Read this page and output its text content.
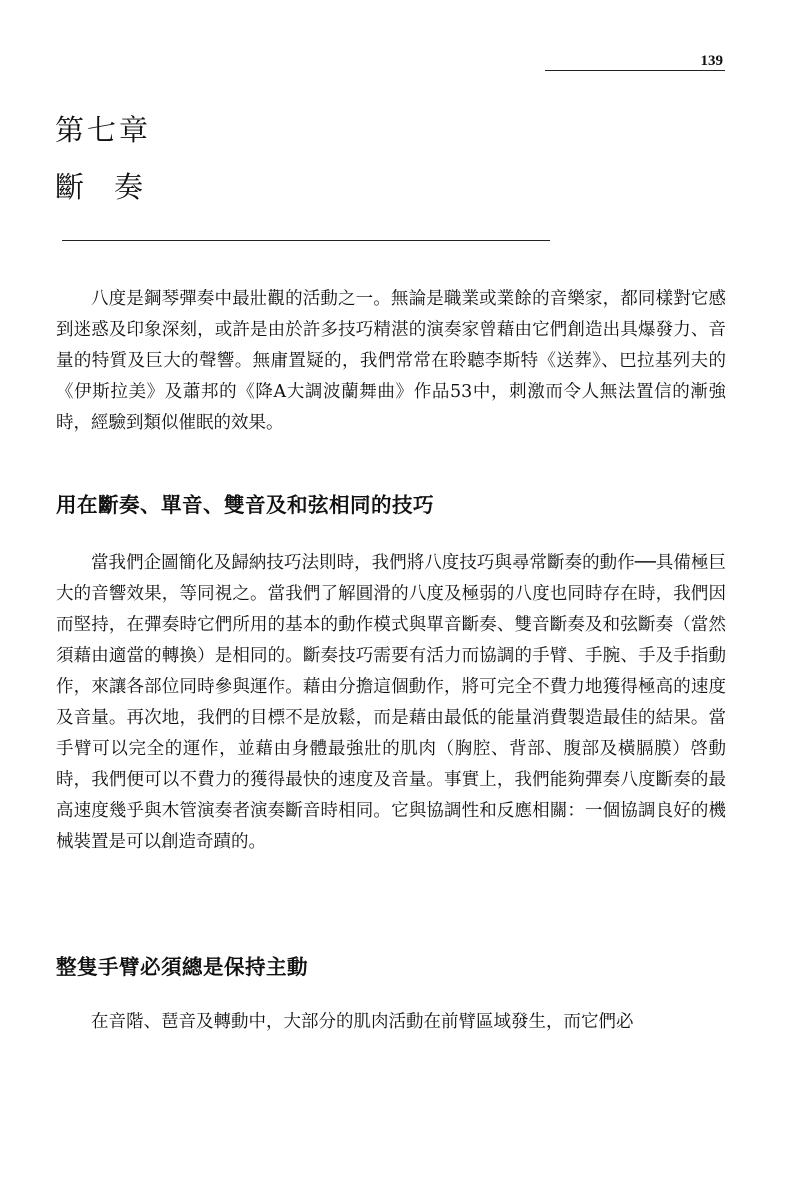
139
第七章
斷奏

八度是鋼琴彈奏中最壯觀的活動之一。無論是職業或業餘的音樂家，都同樣對它感到迷惑及印象深刻，或許是由於許多技巧精湛的演奏家曾藉由它們創造出具爆發力、音量的特質及巨大的聲響。無庸置疑的，我們常常在聆聽李斯特《送葬》、巴拉基列夫的《伊斯拉美》及蕭邦的《降A大調波蘭舞曲》作品53中，刺激而令人無法置信的漸強時，經驗到類似催眠的效果。

用在斷奏、單音、雙音及和弦相同的技巧

當我們企圖簡化及歸納技巧法則時，我們將八度技巧與尋常斷奏的動作──具備極巨大的音響效果，等同視之。當我們了解圓滑的八度及極弱的八度也同時存在時，我們因而堅持，在彈奏時它們所用的基本的動作模式與單音斷奏、雙音斷奏及和弦斷奏（當然須藉由適當的轉換）是相同的。斷奏技巧需要有活力而協調的手臂、手腕、手及手指動作，來讓各部位同時參與運作。藉由分擔這個動作，將可完全不費力地獲得極高的速度及音量。再次地，我們的目標不是放鬆，而是藉由最低的能量消費製造最佳的結果。當手臂可以完全的運作，並藉由身體最強壯的肌肉（胸腔、背部、腹部及橫膈膜）啓動時，我們便可以不費力的獲得最快的速度及音量。事實上，我們能夠彈奏八度斷奏的最高速度幾乎與木管演奏者演奏斷音時相同。它與協調性和反應相關：一個協調良好的機械裝置是可以創造奇蹟的。

整隻手臂必須總是保持主動

在音階、琶音及轉動中，大部分的肌肉活動在前臂區域發生，而它們必
